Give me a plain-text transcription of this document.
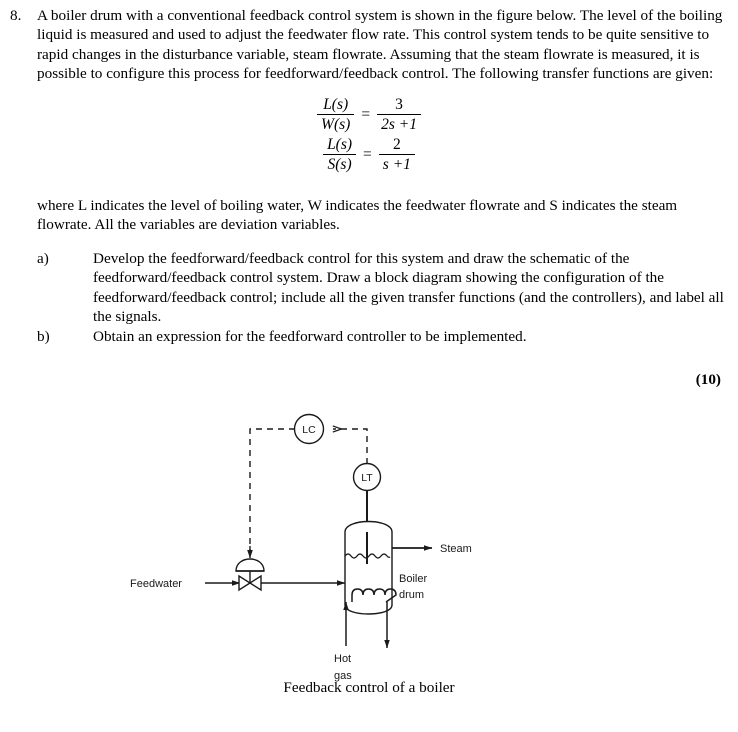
8.	A boiler drum with a conventional feedback control system is shown in the figure below. The level of the boiling liquid is measured and used to adjust the feedwater flow rate. This control system tends to be quite sensitive to rapid changes in the disturbance variable, steam flowrate. Assuming that the steam flowrate is measured, it is possible to configure this process for feedforward/feedback control. The following transfer functions are given:
$\frac{L(s)}{W(s)} = \frac{3}{2s +1}$
$\frac{L(s)}{S(s)} = \frac{2}{s +1}$
where L indicates the level of boiling water, W indicates the feedwater flowrate and S indicates the steam flowrate. All the variables are deviation variables.
a)	Develop the feedforward/feedback control for this system and draw the schematic of the feedforward/feedback control system. Draw a block diagram showing the configuration of the feedforward/feedback control; include all the given transfer functions (and the controllers), and label all the signals.
b)	Obtain an expression for the feedforward controller to be implemented.
(10)
LC
LT
Hot
gas
Steam
Boiler
drum
Feedwater
Feedback control of a boiler
